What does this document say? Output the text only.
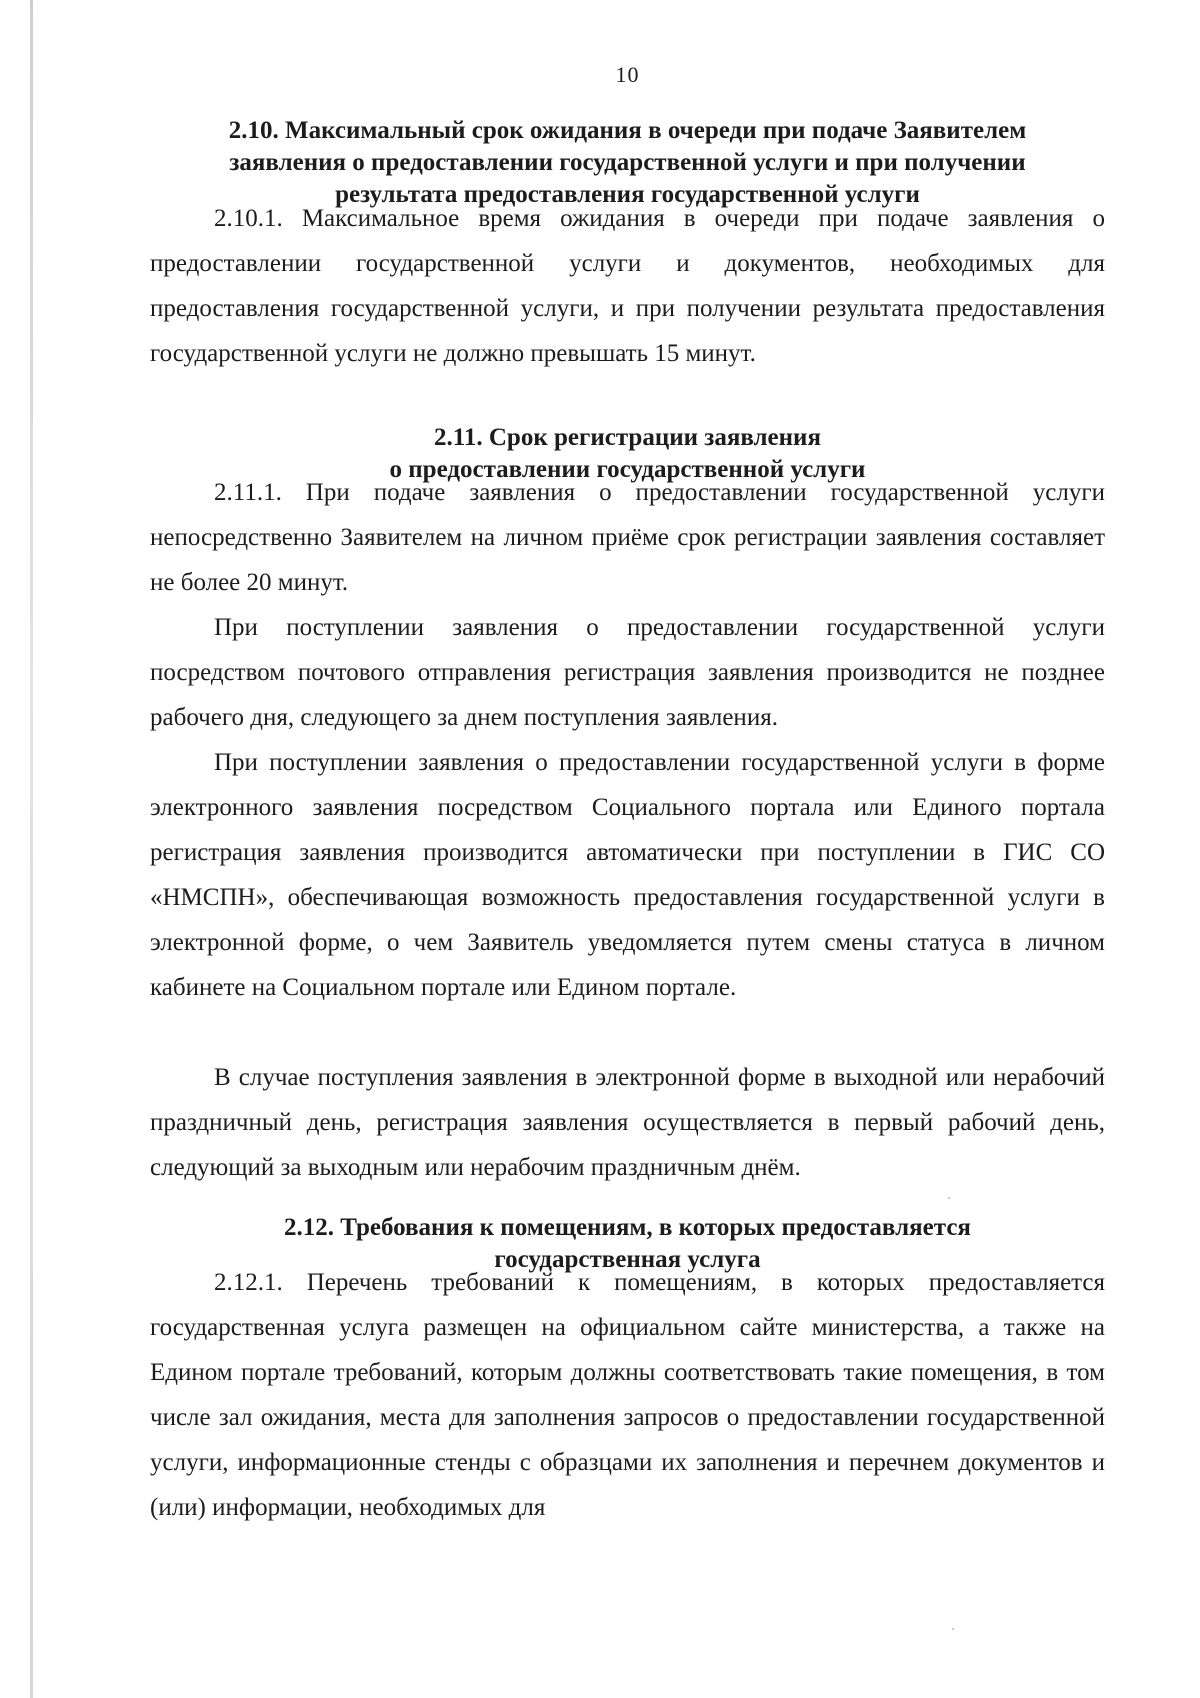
10
2.10. Максимальный срок ожидания в очереди при подаче Заявителем
заявления о предоставлении государственной услуги и при получении
результата предоставления государственной услуги

2.10.1. Максимальное время ожидания в очереди при подаче заявления о предоставлении государственной услуги и документов, необходимых для предоставления государственной услуги, и при получении результата предоставления государственной услуги не должно превышать 15 минут.

2.11. Срок регистрации заявления
о предоставлении государственной услуги

2.11.1. При подаче заявления о предоставлении государственной услуги непосредственно Заявителем на личном приёме срок регистрации заявления составляет не более 20 минут.

При поступлении заявления о предоставлении государственной услуги посредством почтового отправления регистрация заявления производится не позднее рабочего дня, следующего за днем поступления заявления.

При поступлении заявления о предоставлении государственной услуги в форме электронного заявления посредством Социального портала или Единого портала регистрация заявления производится автоматически при поступлении в ГИС СО «НМСПН», обеспечивающая возможность предоставления государственной услуги в электронной форме, о чем Заявитель уведомляется путем смены статуса в личном кабинете на Социальном портале или Едином портале.

В случае поступления заявления в электронной форме в выходной или нерабочий праздничный день, регистрация заявления осуществляется в первый рабочий день, следующий за выходным или нерабочим праздничным днём.

2.12. Требования к помещениям, в которых предоставляется
государственная услуга

2.12.1. Перечень требований к помещениям, в которых предоставляется государственная услуга размещен на официальном сайте министерства, а также на Едином портале требований, которым должны соответствовать такие помещения, в том числе зал ожидания, места для заполнения запросов о предоставлении государственной услуги, информационные стенды с образцами их заполнения и перечнем документов и (или) информации, необходимых для
